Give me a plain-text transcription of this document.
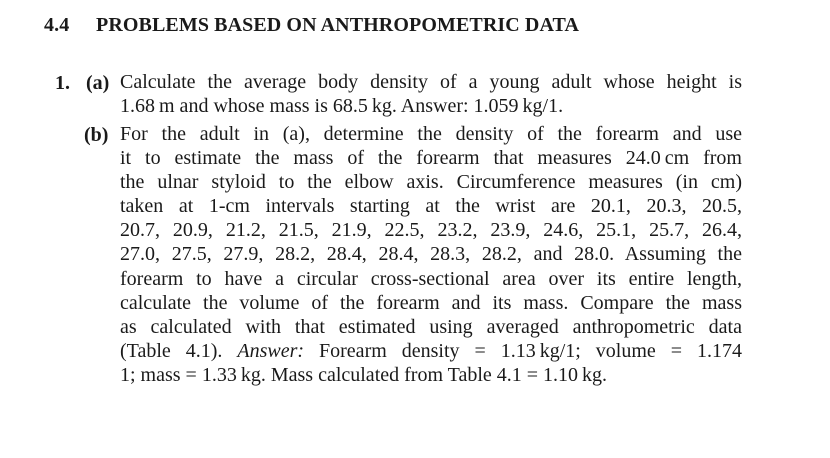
4.4 PROBLEMS BASED ON ANTHROPOMETRIC DATA
1. (a) Calculate the average body density of a young adult whose height is
1.68 m and whose mass is 68.5 kg. Answer: 1.059 kg/1.
(b) For the adult in (a), determine the density of the forearm and use
it to estimate the mass of the forearm that measures 24.0 cm from
the ulnar styloid to the elbow axis. Circumference measures (in cm)
taken at 1-cm intervals starting at the wrist are 20.1, 20.3, 20.5,
20.7, 20.9, 21.2, 21.5, 21.9, 22.5, 23.2, 23.9, 24.6, 25.1, 25.7, 26.4,
27.0, 27.5, 27.9, 28.2, 28.4, 28.4, 28.3, 28.2, and 28.0. Assuming the
forearm to have a circular cross-sectional area over its entire length,
calculate the volume of the forearm and its mass. Compare the mass
as calculated with that estimated using averaged anthropometric data
(Table 4.1). Answer: Forearm density = 1.13 kg/1; volume = 1.174
1; mass = 1.33 kg. Mass calculated from Table 4.1 = 1.10 kg.
